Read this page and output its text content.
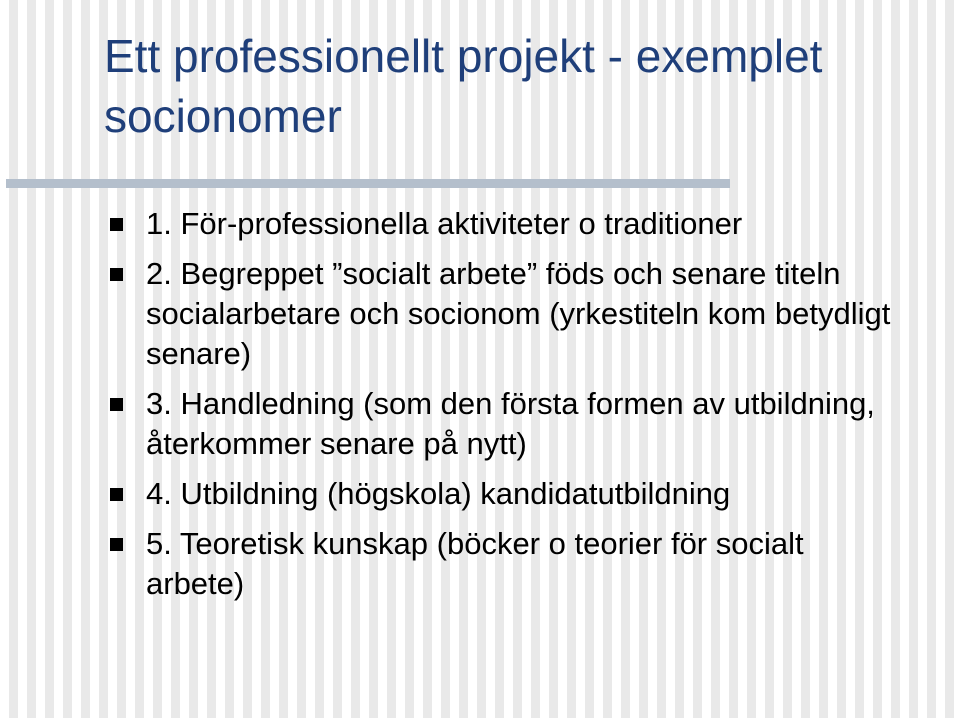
Ett professionellt projekt - exemplet socionomer
1. För-professionella aktiviteter o traditioner
2. Begreppet ”socialt arbete” föds och senare titeln socialarbetare och socionom (yrkestiteln kom betydligt senare)
3. Handledning (som den första formen av utbildning, återkommer senare på nytt)
4. Utbildning (högskola) kandidatutbildning
5. Teoretisk kunskap (böcker o teorier för socialt arbete)
